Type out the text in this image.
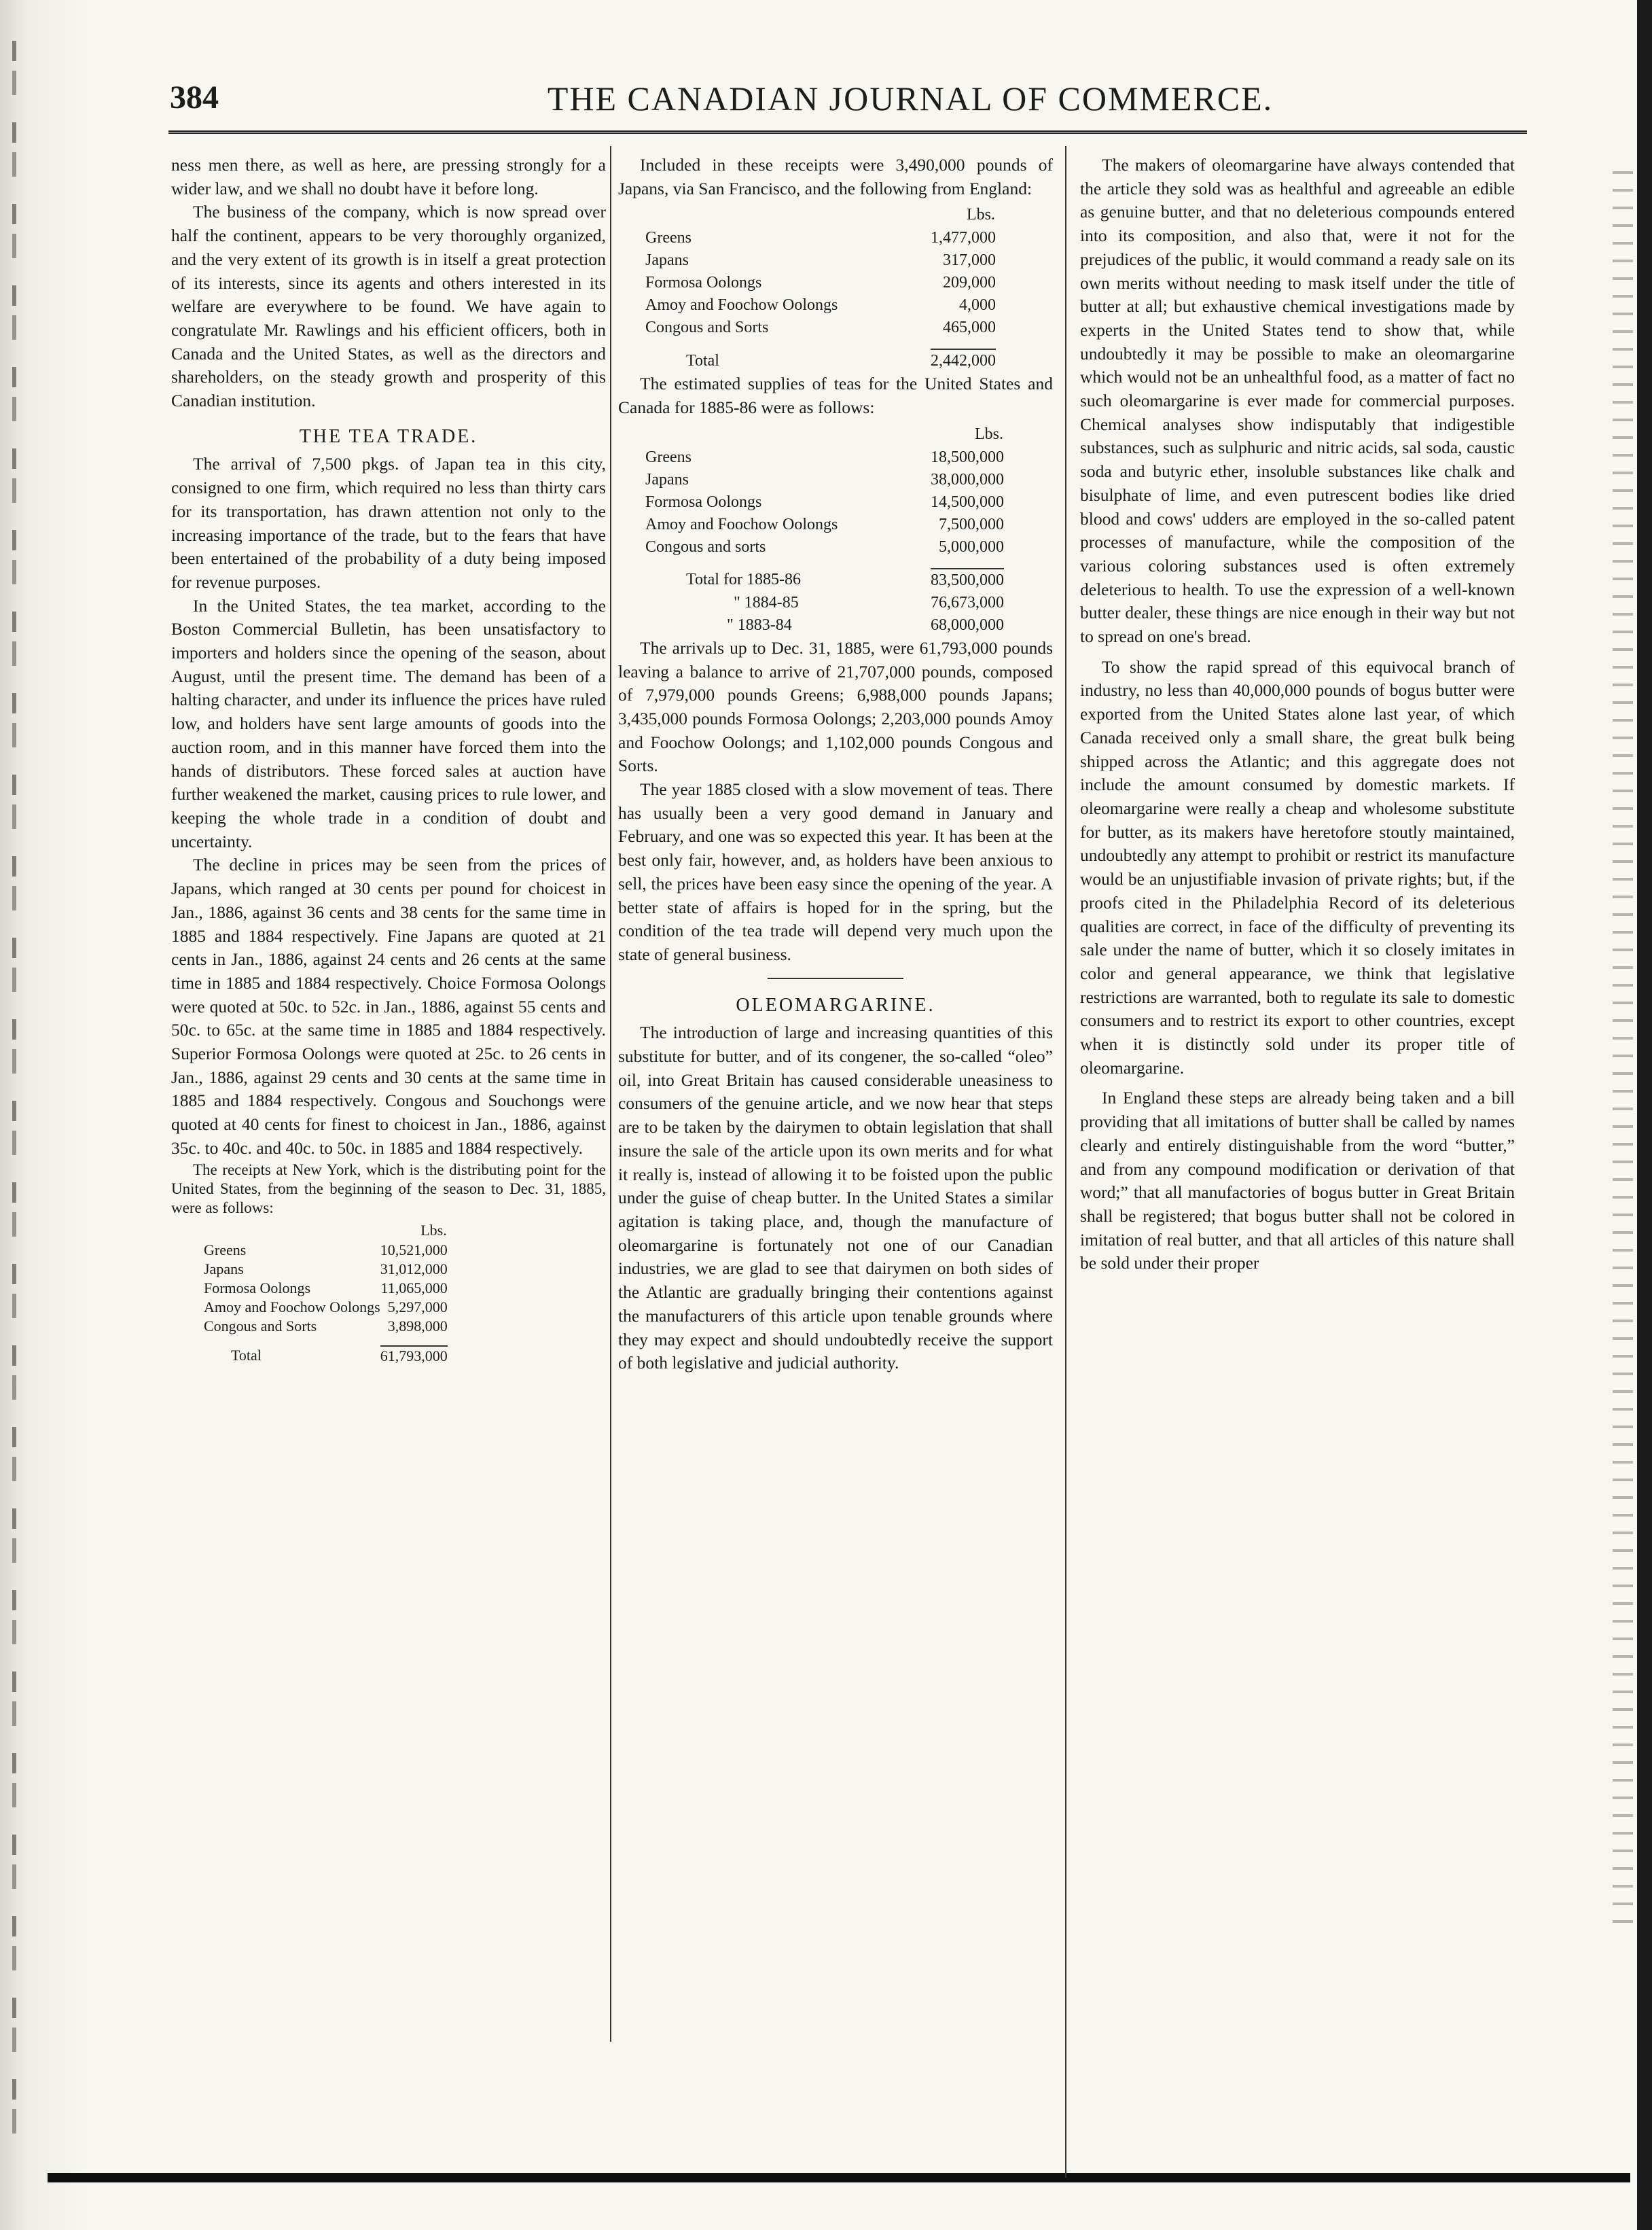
384	THE CANADIAN JOURNAL OF COMMERCE.

ness men there, as well as here, are pressing strongly for a wider law, and we shall no doubt have it before long.

The business of the company, which is now spread over half the continent, appears to be very thoroughly organized, and the very extent of its growth is in itself a great protection of its interests, since its agents and others interested in its welfare are everywhere to be found. We have again to congratulate Mr. Rawlings and his efficient officers, both in Canada and the United States, as well as the directors and shareholders, on the steady growth and prosperity of this Canadian institution.

THE TEA TRADE.

The arrival of 7,500 pkgs. of Japan tea in this city, consigned to one firm, which required no less than thirty cars for its transportation, has drawn attention not only to the increasing importance of the trade, but to the fears that have been entertained of the probability of a duty being imposed for revenue purposes.

In the United States, the tea market, according to the Boston Commercial Bulletin, has been unsatisfactory to importers and holders since the opening of the season, about August, until the present time. The demand has been of a halting character, and under its influence the prices have ruled low, and holders have sent large amounts of goods into the auction room, and in this manner have forced them into the hands of distributors. These forced sales at auction have further weakened the market, causing prices to rule lower, and keeping the whole trade in a condition of doubt and uncertainty.

The decline in prices may be seen from the prices of Japans, which ranged at 30 cents per pound for choicest in Jan., 1886, against 36 cents and 38 cents for the same time in 1885 and 1884 respectively. Fine Japans are quoted at 21 cents in Jan., 1886, against 24 cents and 26 cents at the same time in 1885 and 1884 respectively. Choice Formosa Oolongs were quoted at 50c. to 52c. in Jan., 1886, against 55 cents and 50c. to 65c. at the same time in 1885 and 1884 respectively. Superior Formosa Oolongs were quoted at 25c. to 26 cents in Jan., 1886, against 29 cents and 30 cents at the same time in 1885 and 1884 respectively. Congous and Souchongs were quoted at 40 cents for finest to choicest in Jan., 1886, against 35c. to 40c. and 40c. to 50c. in 1885 and 1884 respectively.

The receipts at New York, which is the distributing point for the United States, from the beginning of the season to Dec. 31, 1885, were as follows:

	Lbs.
Greens	10,521,000
Japans	31,012,000
Formosa Oolongs	11,065,000
Amoy and Foochow Oolongs	5,297,000
Congous and Sorts	3,898,000

Total	61,793,000

Included in these receipts were 3,490,000 pounds of Japans, via San Francisco, and the following from England:

	Lbs.
Greens	1,477,000
Japans	317,000
Formosa Oolongs	209,000
Amoy and Foochow Oolongs	4,000
Congous and Sorts	465,000

Total	2,442,000

The estimated supplies of teas for the United States and Canada for 1885-86 were as follows:

	Lbs.
Greens	18,500,000
Japans	38,000,000
Formosa Oolongs	14,500,000
Amoy and Foochow Oolongs	7,500,000
Congous and sorts	5,000,000

Total for 1885-86	83,500,000
" 1884-85	76,673,000
" 1883-84	68,000,000

The arrivals up to Dec. 31, 1885, were 61,793,000 pounds leaving a balance to arrive of 21,707,000 pounds, composed of 7,979,000 pounds Greens; 6,988,000 pounds Japans; 3,435,000 pounds Formosa Oolongs; 2,203,000 pounds Amoy and Foochow Oolongs; and 1,102,000 pounds Congous and Sorts.

The year 1885 closed with a slow movement of teas. There has usually been a very good demand in January and February, and one was so expected this year. It has been at the best only fair, however, and, as holders have been anxious to sell, the prices have been easy since the opening of the year. A better state of affairs is hoped for in the spring, but the condition of the tea trade will depend very much upon the state of general business.

OLEOMARGARINE.

The introduction of large and increasing quantities of this substitute for butter, and of its congener, the so-called “oleo” oil, into Great Britain has caused considerable uneasiness to consumers of the genuine article, and we now hear that steps are to be taken by the dairymen to obtain legislation that shall insure the sale of the article upon its own merits and for what it really is, instead of allowing it to be foisted upon the public under the guise of cheap butter. In the United States a similar agitation is taking place, and, though the manufacture of oleomargarine is fortunately not one of our Canadian industries, we are glad to see that dairymen on both sides of the Atlantic are gradually bringing their contentions against the manufacturers of this article upon tenable grounds where they may expect and should undoubtedly receive the support of both legislative and judicial authority.

The makers of oleomargarine have always contended that the article they sold was as healthful and agreeable an edible as genuine butter, and that no deleterious compounds entered into its composition, and also that, were it not for the prejudices of the public, it would command a ready sale on its own merits without needing to mask itself under the title of butter at all; but exhaustive chemical investigations made by experts in the United States tend to show that, while undoubtedly it may be possible to make an oleomargarine which would not be an unhealthful food, as a matter of fact no such oleomargarine is ever made for commercial purposes. Chemical analyses show indisputably that indigestible substances, such as sulphuric and nitric acids, sal soda, caustic soda and butyric ether, insoluble substances like chalk and bisulphate of lime, and even putrescent bodies like dried blood and cows' udders are employed in the so-called patent processes of manufacture, while the composition of the various coloring substances used is often extremely deleterious to health. To use the expression of a well-known butter dealer, these things are nice enough in their way but not to spread on one's bread.

To show the rapid spread of this equivocal branch of industry, no less than 40,000,000 pounds of bogus butter were exported from the United States alone last year, of which Canada received only a small share, the great bulk being shipped across the Atlantic; and this aggregate does not include the amount consumed by domestic markets. If oleomargarine were really a cheap and wholesome substitute for butter, as its makers have heretofore stoutly maintained, undoubtedly any attempt to prohibit or restrict its manufacture would be an unjustifiable invasion of private rights; but, if the proofs cited in the Philadelphia Record of its deleterious qualities are correct, in face of the difficulty of preventing its sale under the name of butter, which it so closely imitates in color and general appearance, we think that legislative restrictions are warranted, both to regulate its sale to domestic consumers and to restrict its export to other countries, except when it is distinctly sold under its proper title of oleomargarine.

In England these steps are already being taken and a bill providing that all imitations of butter shall be called by names clearly and entirely distinguishable from the word “butter,” and from any compound modification or derivation of that word;” that all manufactories of bogus butter in Great Britain shall be registered; that bogus butter shall not be colored in imitation of real butter, and that all articles of this nature shall be sold under their proper
